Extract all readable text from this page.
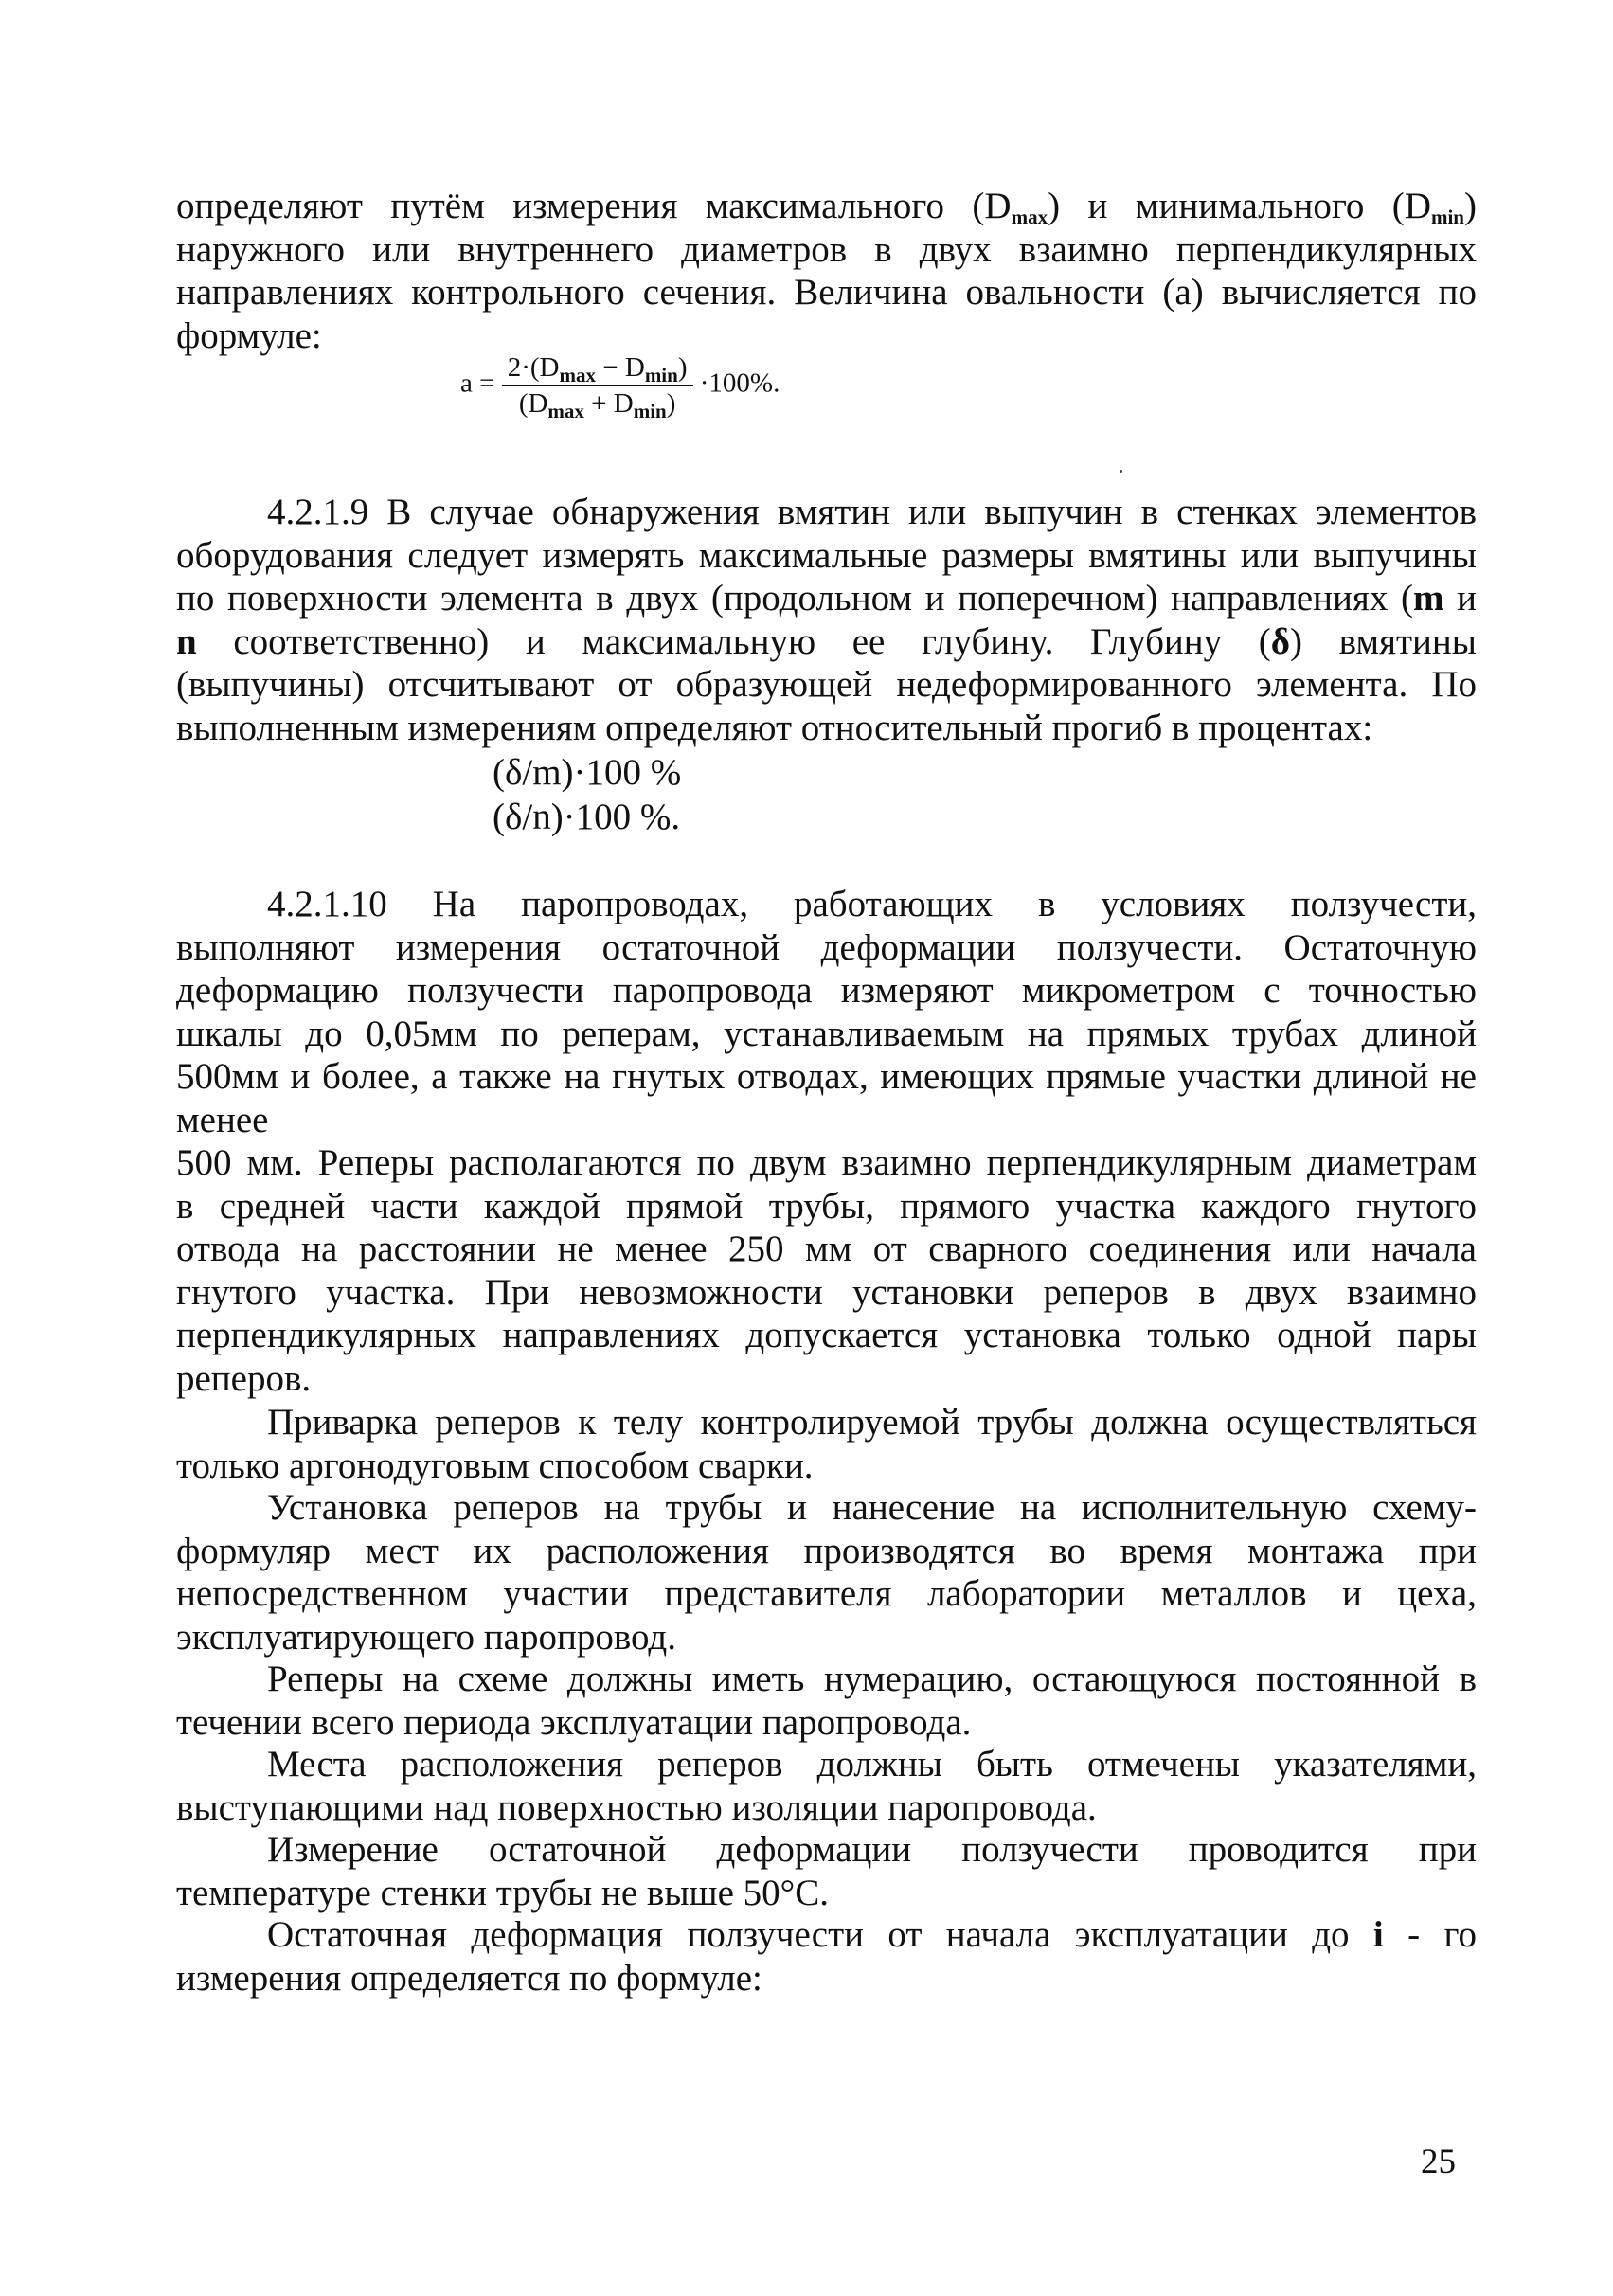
определяют путём измерения максимального $(D_{max})$ и минимального $(D_{min})$
наружного или внутреннего диаметров в двух взаимно перпендикулярных
направлениях контрольного сечения. Величина овальности (а) вычисляется по
формуле:
$a = \frac{2\cdot(D_{max} - D_{min})}{(D_{max} + D_{min})} \cdot 100\%$.
4.2.1.9 В случае обнаружения вмятин или выпучин в стенках элементов
оборудования следует измерять максимальные размеры вмятины или выпучины
по поверхности элемента в двух (продольном и поперечном) направлениях (m и
n соответственно) и максимальную ее глубину. Глубину (δ) вмятины
(выпучины) отсчитывают от образующей недеформированного элемента. По
выполненным измерениям определяют относительный прогиб в процентах:
(δ/m)·100 %
(δ/n)·100 %.
4.2.1.10 На паропроводах, работающих в условиях ползучести,
выполняют измерения остаточной деформации ползучести. Остаточную
деформацию ползучести паропровода измеряют микрометром с точностью
шкалы до 0,05мм по реперам, устанавливаемым на прямых трубах длиной
500мм и более, а также на гнутых отводах, имеющих прямые участки длиной не
менее
500 мм. Реперы располагаются по двум взаимно перпендикулярным диаметрам
в средней части каждой прямой трубы, прямого участка каждого гнутого
отвода на расстоянии не менее 250 мм от сварного соединения или начала
гнутого участка. При невозможности установки реперов в двух взаимно
перпендикулярных направлениях допускается установка только одной пары
реперов.
Приварка реперов к телу контролируемой трубы должна осуществляться
только аргонодуговым способом сварки.
Установка реперов на трубы и нанесение на исполнительную схему-
формуляр мест их расположения производятся во время монтажа при
непосредственном участии представителя лаборатории металлов и цеха,
эксплуатирующего паропровод.
Реперы на схеме должны иметь нумерацию, остающуюся постоянной в
течении всего периода эксплуатации паропровода.
Места расположения реперов должны быть отмечены указателями,
выступающими над поверхностью изоляции паропровода.
Измерение остаточной деформации ползучести проводится при
температуре стенки трубы не выше 50°С.
Остаточная деформация ползучести от начала эксплуатации до i - го
измерения определяется по формуле:
25
